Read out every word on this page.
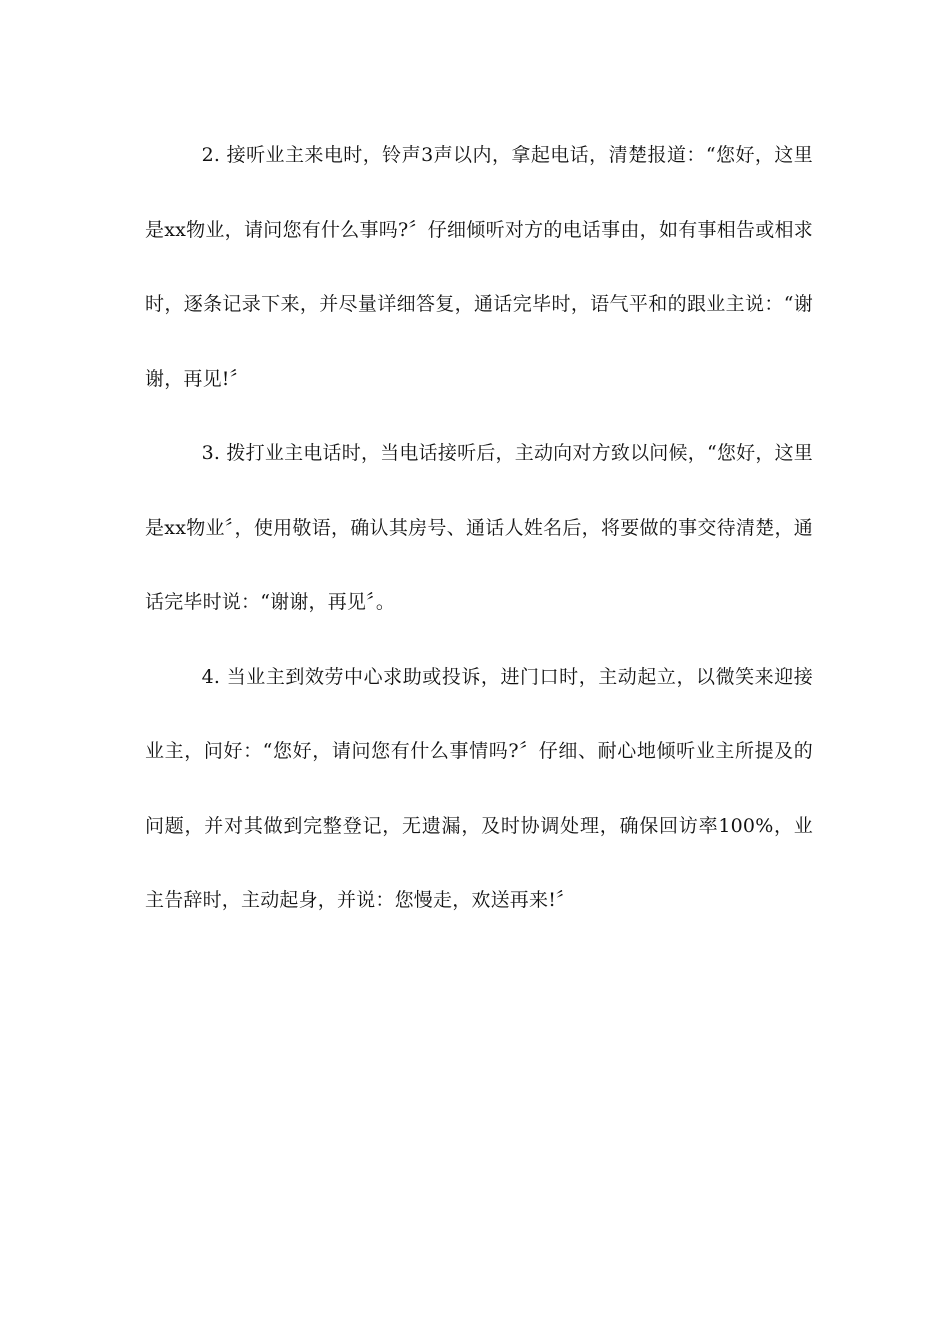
2. 接听业主来电时，铃声3声以内，拿起电话，清楚报道：“您好，这里是xx物业，请问您有什么事吗?〞仔细倾听对方的电话事由，如有事相告或相求时，逐条记录下来，并尽量详细答复，通话完毕时，语气平和的跟业主说：“谢谢，再见!〞

3. 拨打业主电话时，当电话接听后，主动向对方致以问候，“您好，这里是xx物业〞，使用敬语，确认其房号、通话人姓名后，将要做的事交待清楚，通话完毕时说：“谢谢，再见〞。

4. 当业主到效劳中心求助或投诉，进门口时，主动起立，以微笑来迎接业主，问好：“您好，请问您有什么事情吗?〞仔细、耐心地倾听业主所提及的问题，并对其做到完整登记，无遗漏，及时协调处理，确保回访率100%，业主告辞时，主动起身，并说：您慢走，欢送再来!〞
